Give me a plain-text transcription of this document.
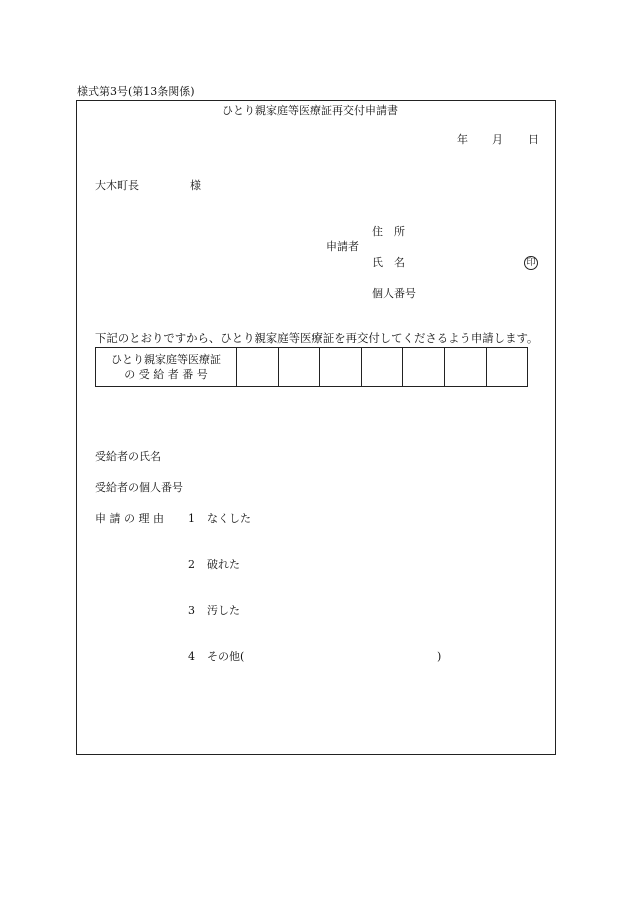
様式第3号(第13条関係)
ひとり親家庭等医療証再交付申請書
年 月 日
大木町長	様
申請者
住　所
氏　名	印
個人番号
下記のとおりですから、ひとり親家庭等医療証を再交付してくださるよう申請します。
ひとり親家庭等医療証
の 受 給 者 番 号

受給者の氏名
受給者の個人番号
申 請 の 理 由 1 なくした
2 破れた
3 汚した
4 その他(	)
